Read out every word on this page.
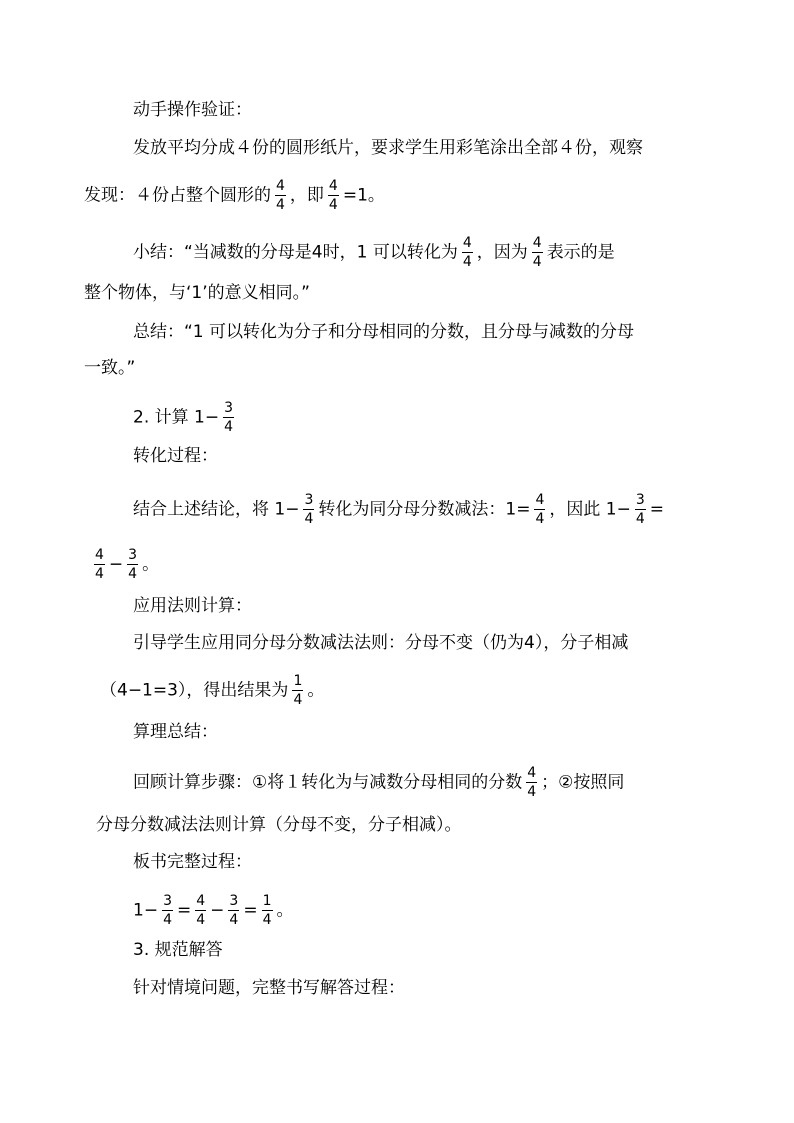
动手操作验证：
发放平均分成４份的圆形纸片，要求学生用彩笔涂出全部４份，观察
发现：４份占整个圆形的 $\frac{4}{4}$ ，即 $\frac{4}{4} =1$。
小结：“当减数的分母是4时，1 可以转化为 $\frac{4}{4}$ ，因为 $\frac{4}{4}$ 表示的是
整个物体，与‘1’的意义相同。”
总结：“1 可以转化为分子和分母相同的分数，且分母与减数的分母
一致。”
2. 计算 $1- \frac{3}{4}$
转化过程：
结合上述结论，将 $1- \frac{3}{4}$ 转化为同分母分数减法：$1= \frac{4}{4}$ ，因此 $1- \frac{3}{4}$ =
$\frac{4}{4} - \frac{3}{4}$ 。
应用法则计算：
引导学生应用同分母分数减法法则：分母不变（仍为4），分子相减
（4−1=3），得出结果为 $\frac{1}{4}$ 。
算理总结：
回顾计算步骤：①将１转化为与减数分母相同的分数 $\frac{4}{4}$ ；②按照同
分母分数减法法则计算（分母不变，分子相减）。
板书完整过程：
$1- \frac{3}{4} = \frac{4}{4} - \frac{3}{4} = \frac{1}{4}$ 。
3. 规范解答
针对情境问题，完整书写解答过程：
